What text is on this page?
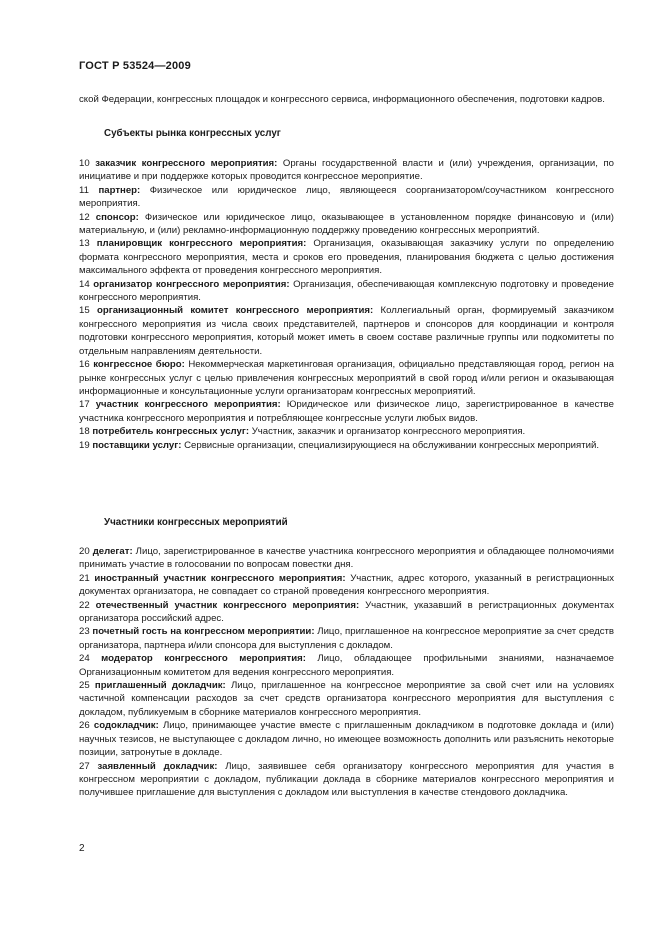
ГОСТ Р 53524—2009
ской Федерации, конгрессных площадок и конгрессного сервиса, информационного обеспечения, подготовки кадров.
Субъекты рынка конгрессных услуг

10 заказчик конгрессного мероприятия: Органы государственной власти и (или) учреждения, организации, по инициативе и при поддержке которых проводится конгрессное мероприятие.

11 партнер: Физическое или юридическое лицо, являющееся соорганизатором/соучастником конгрессного мероприятия.

12 спонсор: Физическое или юридическое лицо, оказывающее в установленном порядке финансовую и (или) материальную, и (или) рекламно-информационную поддержку проведению конгрессных мероприятий.

13 планировщик конгрессного мероприятия: Организация, оказывающая заказчику услуги по определению формата конгрессного мероприятия, места и сроков его проведения, планирования бюджета с целью достижения максимального эффекта от проведения конгрессного мероприятия.

14 организатор конгрессного мероприятия: Организация, обеспечивающая комплексную подготовку и проведение конгрессного мероприятия.

15 организационный комитет конгрессного мероприятия: Коллегиальный орган, формируемый заказчиком конгрессного мероприятия из числа своих представителей, партнеров и спонсоров для координации и контроля подготовки конгрессного мероприятия, который может иметь в своем составе различные группы или подкомитеты по отдельным направлениям деятельности.

16 конгрессное бюро: Некоммерческая маркетинговая организация, официально представляющая город, регион на рынке конгрессных услуг с целью привлечения конгрессных мероприятий в свой город и/или регион и оказывающая информационные и консультационные услуги организаторам конгрессных мероприятий.

17 участник конгрессного мероприятия: Юридическое или физическое лицо, зарегистрированное в качестве участника конгрессного мероприятия и потребляющее конгрессные услуги любых видов.

18 потребитель конгрессных услуг: Участник, заказчик и организатор конгрессного мероприятия.

19 поставщики услуг: Сервисные организации, специализирующиеся на обслуживании конгрессных мероприятий.

Участники конгрессных мероприятий

20 делегат: Лицо, зарегистрированное в качестве участника конгрессного мероприятия и обладающее полномочиями принимать участие в голосовании по вопросам повестки дня.

21 иностранный участник конгрессного мероприятия: Участник, адрес которого, указанный в регистрационных документах организатора, не совпадает со страной проведения конгрессного мероприятия.

22 отечественный участник конгрессного мероприятия: Участник, указавший в регистрационных документах организатора российский адрес.

23 почетный гость на конгрессном мероприятии: Лицо, приглашенное на конгрессное мероприятие за счет средств организатора, партнера и/или спонсора для выступления с докладом.

24 модератор конгрессного мероприятия: Лицо, обладающее профильными знаниями, назначаемое Организационным комитетом для ведения конгрессного мероприятия.

25 приглашенный докладчик: Лицо, приглашенное на конгрессное мероприятие за свой счет или на условиях частичной компенсации расходов за счет средств организатора конгрессного мероприятия для выступления с докладом, публикуемым в сборнике материалов конгрессного мероприятия.

26 содокладчик: Лицо, принимающее участие вместе с приглашенным докладчиком в подготовке доклада и (или) научных тезисов, не выступающее с докладом лично, но имеющее возможность дополнить или разъяснить некоторые позиции, затронутые в докладе.

27 заявленный докладчик: Лицо, заявившее себя организатору конгрессного мероприятия для участия в конгрессном мероприятии с докладом, публикации доклада в сборнике материалов конгрессного мероприятия и получившее приглашение для выступления с докладом или выступления в качестве стендового докладчика.

2
